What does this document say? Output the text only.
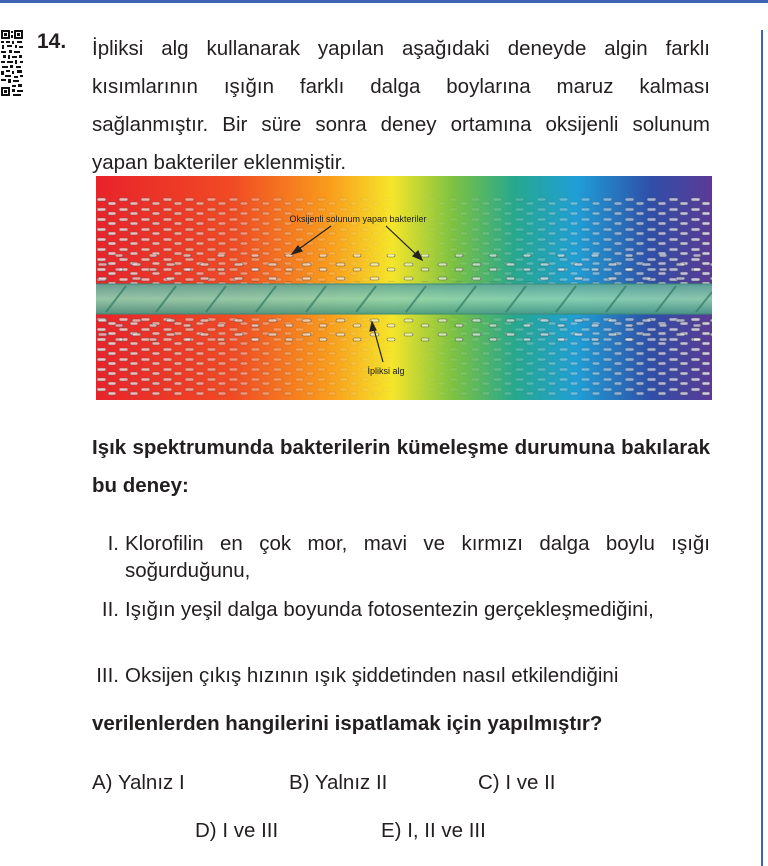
14. İpliksi alg kullanarak yapılan aşağıdaki deneyde algin farklı kısımlarının ışığın farklı dalga boylarına maruz kalması sağlanmıştır. Bir süre sonra deney ortamına oksijenli solunum yapan bakteriler eklenmiştir.
Oksijenli solunum yapan bakteriler
İpliksi alg
Işık spektrumunda bakterilerin kümeleşme durumuna bakılarak bu deney:
I. Klorofilin en çok mor, mavi ve kırmızı dalga boylu ışığı soğurduğunu,
II. Işığın yeşil dalga boyunda fotosentezin gerçekleşmediğini,
III. Oksijen çıkış hızının ışık şiddetinden nasıl etkilendiğini
verilenlerden hangilerini ispatlamak için yapılmıştır?
A) Yalnız I	B) Yalnız II	C) I ve II
D) I ve III	E) I, II ve III
